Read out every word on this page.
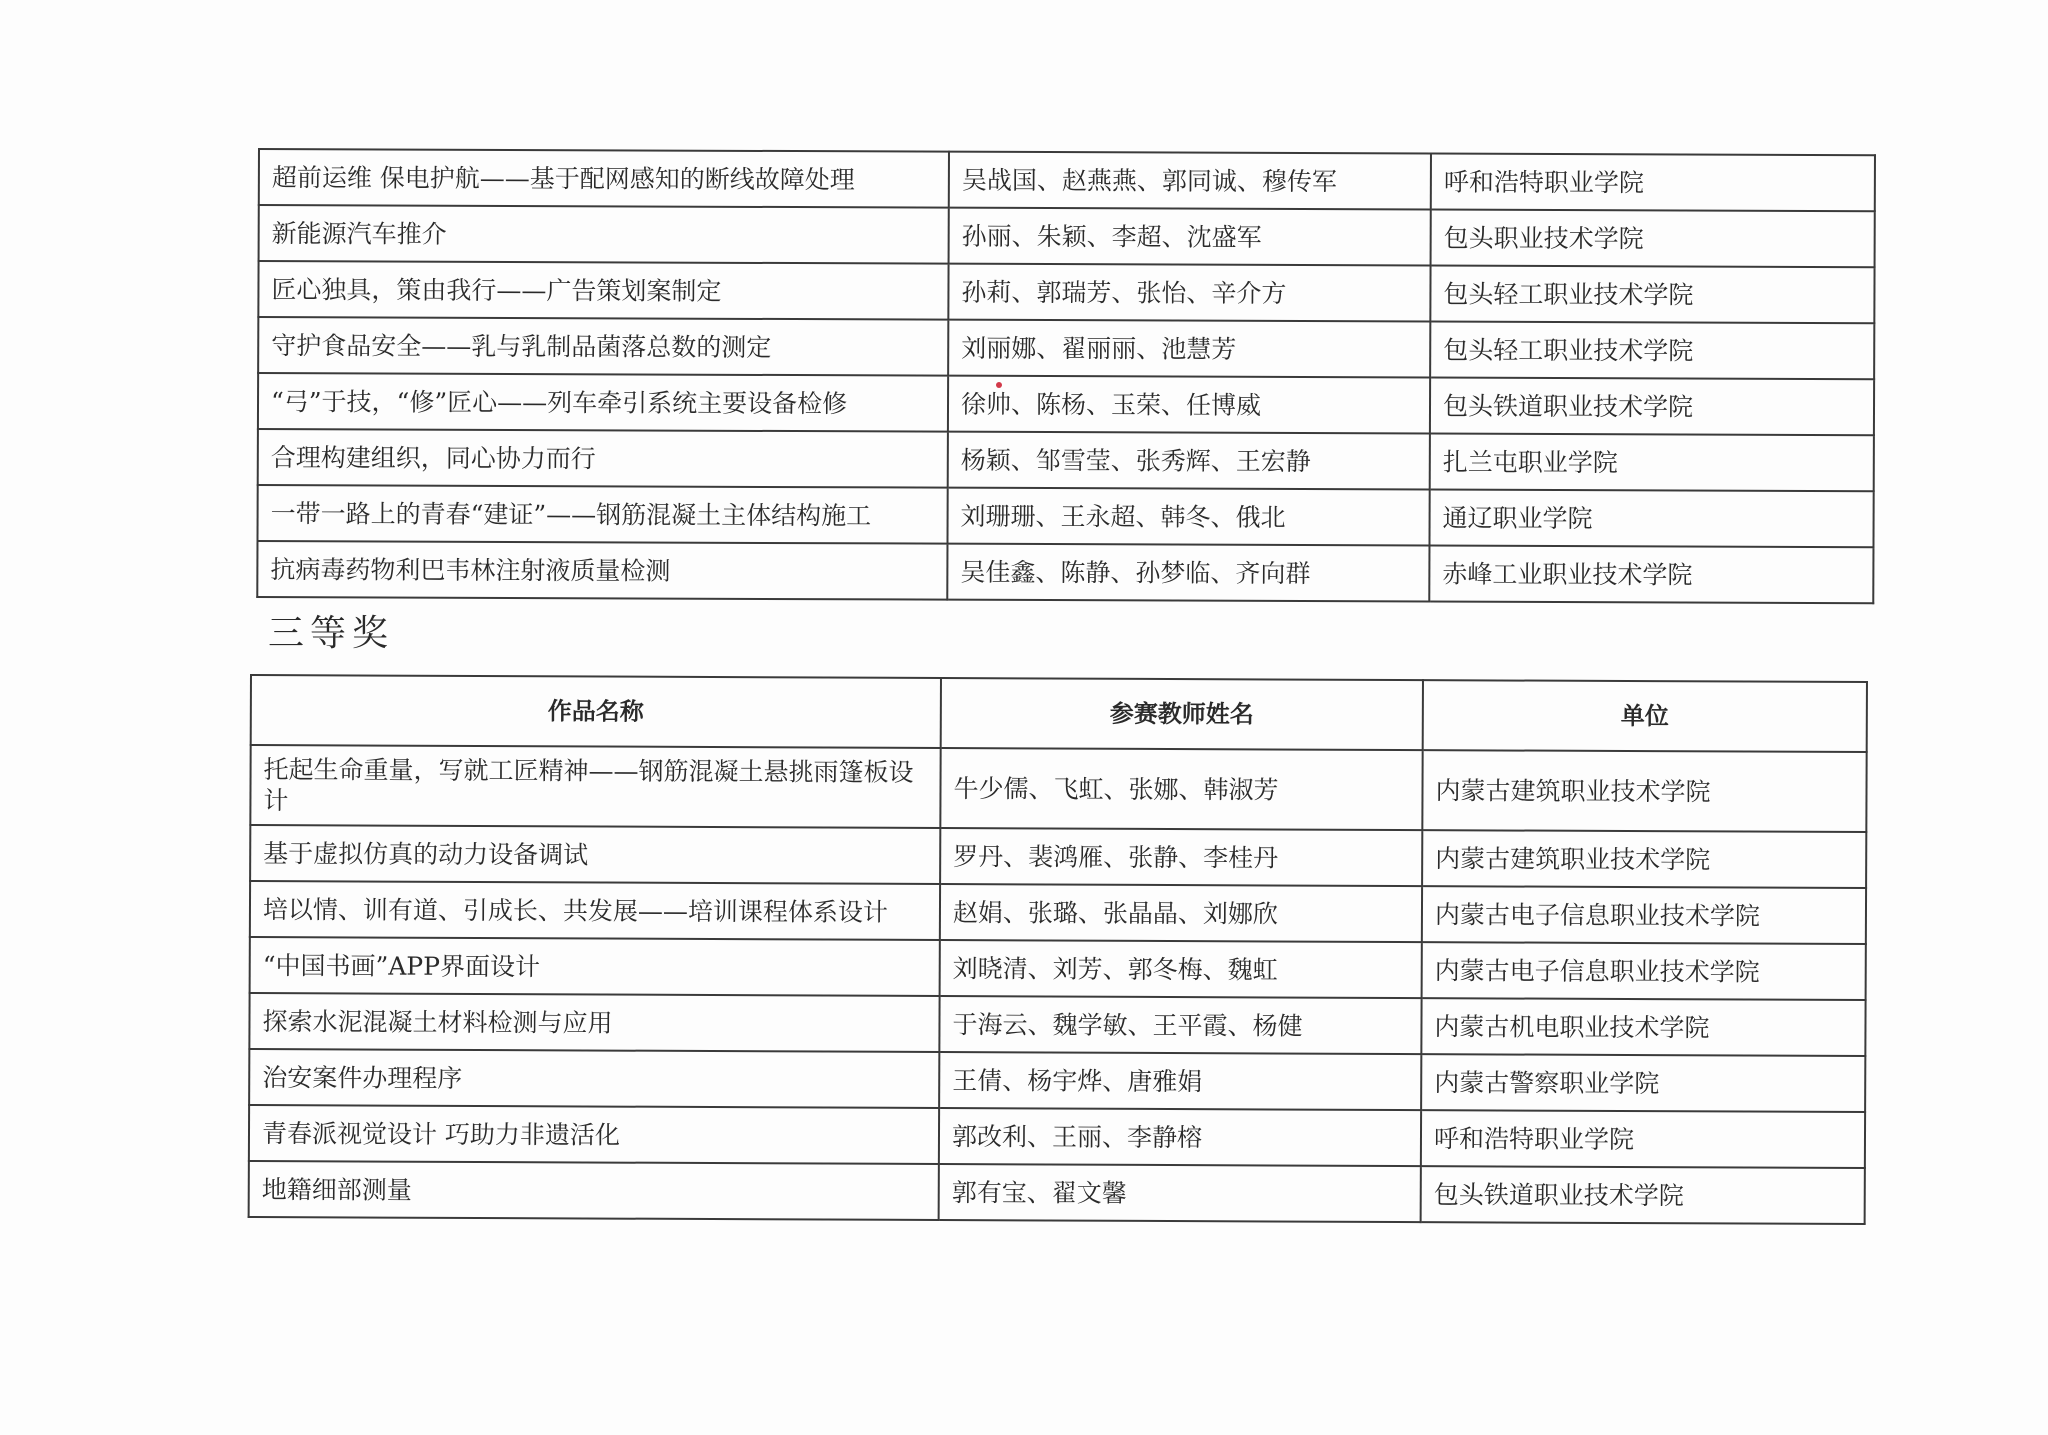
超前运维 保电护航——基于配网感知的断线故障处理	吴战国、赵燕燕、郭同诚、穆传军	呼和浩特职业学院
新能源汽车推介	孙丽、朱颖、李超、沈盛军	包头职业技术学院
匠心独具，策由我行——广告策划案制定	孙莉、郭瑞芳、张怡、辛介方	包头轻工职业技术学院
守护食品安全——乳与乳制品菌落总数的测定	刘丽娜、翟丽丽、池慧芳	包头轻工职业技术学院
“弓”于技，“修”匠心——列车牵引系统主要设备检修	徐帅、陈杨、玉荣、任博威	包头铁道职业技术学院
合理构建组织，同心协力而行	杨颖、邹雪莹、张秀辉、王宏静	扎兰屯职业学院
一带一路上的青春“建证”——钢筋混凝土主体结构施工	刘珊珊、王永超、韩冬、俄北	通辽职业学院
抗病毒药物利巴韦林注射液质量检测	吴佳鑫、陈静、孙梦临、齐向群	赤峰工业职业技术学院
三等奖
作品名称	参赛教师姓名	单位
托起生命重量，写就工匠精神——钢筋混凝土悬挑雨篷板设计	牛少儒、飞虹、张娜、韩淑芳	内蒙古建筑职业技术学院
基于虚拟仿真的动力设备调试	罗丹、裴鸿雁、张静、李桂丹	内蒙古建筑职业技术学院
培以情、训有道、引成长、共发展——培训课程体系设计	赵娟、张璐、张晶晶、刘娜欣	内蒙古电子信息职业技术学院
“中国书画”APP界面设计	刘晓清、刘芳、郭冬梅、魏虹	内蒙古电子信息职业技术学院
探索水泥混凝土材料检测与应用	于海云、魏学敏、王平霞、杨健	内蒙古机电职业技术学院
治安案件办理程序	王倩、杨宇烨、唐雅娟	内蒙古警察职业学院
青春派视觉设计 巧助力非遗活化	郭改利、王丽、李静榕	呼和浩特职业学院
地籍细部测量	郭有宝、翟文馨	包头铁道职业技术学院
